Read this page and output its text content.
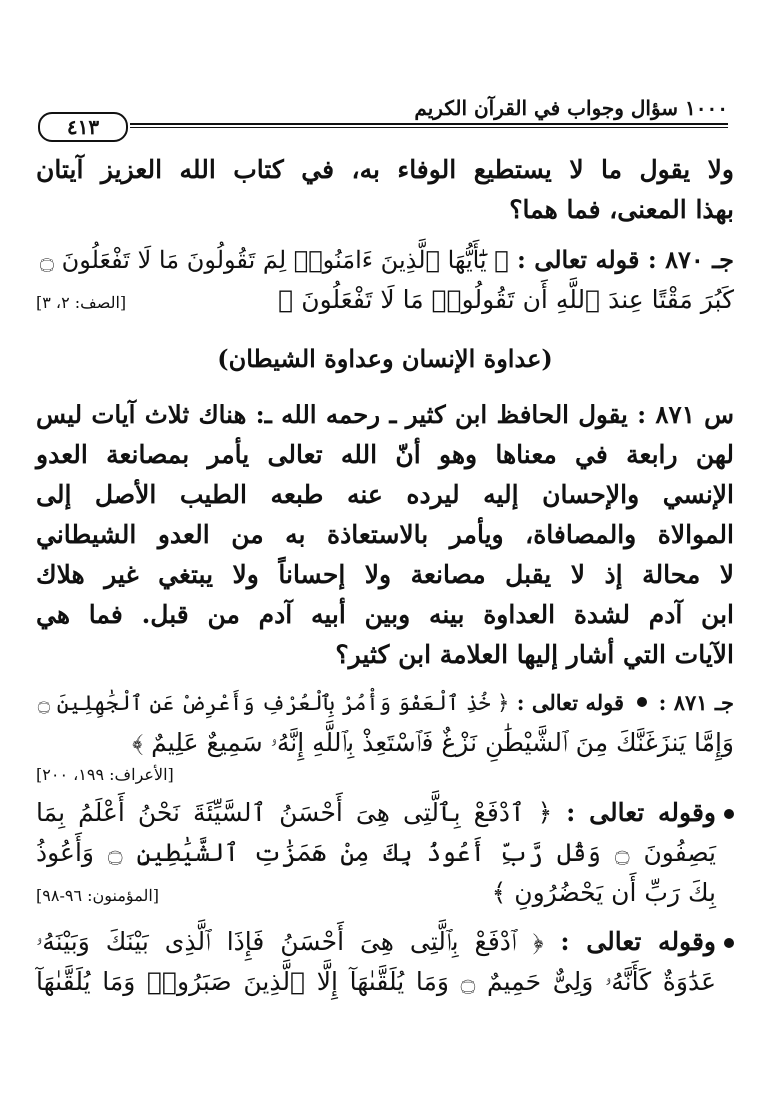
١٠٠٠ سؤال وجواب في القرآن الكريم
٤١٣
ولا يقول ما لا يستطيع الوفاء به، في كتاب الله العزيز آيتان
بهذا المعنى، فما هما؟
جـ ٨٧٠ : قوله تعالى : ﴿ يَٰٓأَيُّهَا ٱلَّذِينَ ءَامَنُوا۟ لِمَ تَقُولُونَ مَا لَا تَفْعَلُونَ ۝
كَبُرَ مَقْتًا عِندَ ٱللَّهِ أَن تَقُولُوا۟ مَا لَا تَفْعَلُونَ ﴾
[الصف: ٢، ٣]
(عداوة الإنسان وعداوة الشيطان)
س ٨٧١ : يقول الحافظ ابن كثير ـ رحمه الله ـ: هناك ثلاث آيات ليس
لهن رابعة في معناها وهو أنّ الله تعالى يأمر بمصانعة العدو
الإنسي والإحسان إليه ليرده عنه طبعه الطيب الأصل إلى
الموالاة والمصافاة، ويأمر بالاستعاذة به من العدو الشيطاني
لا محالة إذ لا يقبل مصانعة ولا إحساناً ولا يبتغي غير هلاك
ابن آدم لشدة العداوة بينه وبين أبيه آدم من قبل. فما هي
الآيات التي أشار إليها العلامة ابن كثير؟
جـ ٨٧١ :  قوله تعالى : ﴿ خُذِ ٱلْعَفْوَ وَأْمُرْ بِٱلْعُرْفِ وَأَعْرِضْ عَنِ ٱلْجَٰهِلِينَ ۝
وَإِمَّا يَنزَغَنَّكَ مِنَ ٱلشَّيْطَٰنِ نَزْغٌ فَٱسْتَعِذْ بِٱللَّهِ إِنَّهُۥ سَمِيعٌ عَلِيمٌ ﴾
[الأعراف: ١٩٩، ٢٠٠]
وقوله تعالى : ﴿ ٱدْفَعْ بِٱلَّتِى هِىَ أَحْسَنُ ٱلسَّيِّئَةَ نَحْنُ أَعْلَمُ بِمَا
يَصِفُونَ ۝ وَقُل رَّبِّ أَعُوذُ بِكَ مِنْ هَمَزَٰتِ ٱلشَّيَٰطِينِ ۝ وَأَعُوذُ
بِكَ رَبِّ أَن يَحْضُرُونِ ﴾
[المؤمنون: ٩٦-٩٨]
وقوله تعالى : ﴿ ٱدْفَعْ بِٱلَّتِى هِىَ أَحْسَنُ فَإِذَا ٱلَّذِى بَيْنَكَ وَبَيْنَهُۥ
عَدَٰوَةٌ كَأَنَّهُۥ وَلِىٌّ حَمِيمٌ ۝ وَمَا يُلَقَّىٰهَآ إِلَّا ٱلَّذِينَ صَبَرُوا۟ وَمَا يُلَقَّىٰهَآ
